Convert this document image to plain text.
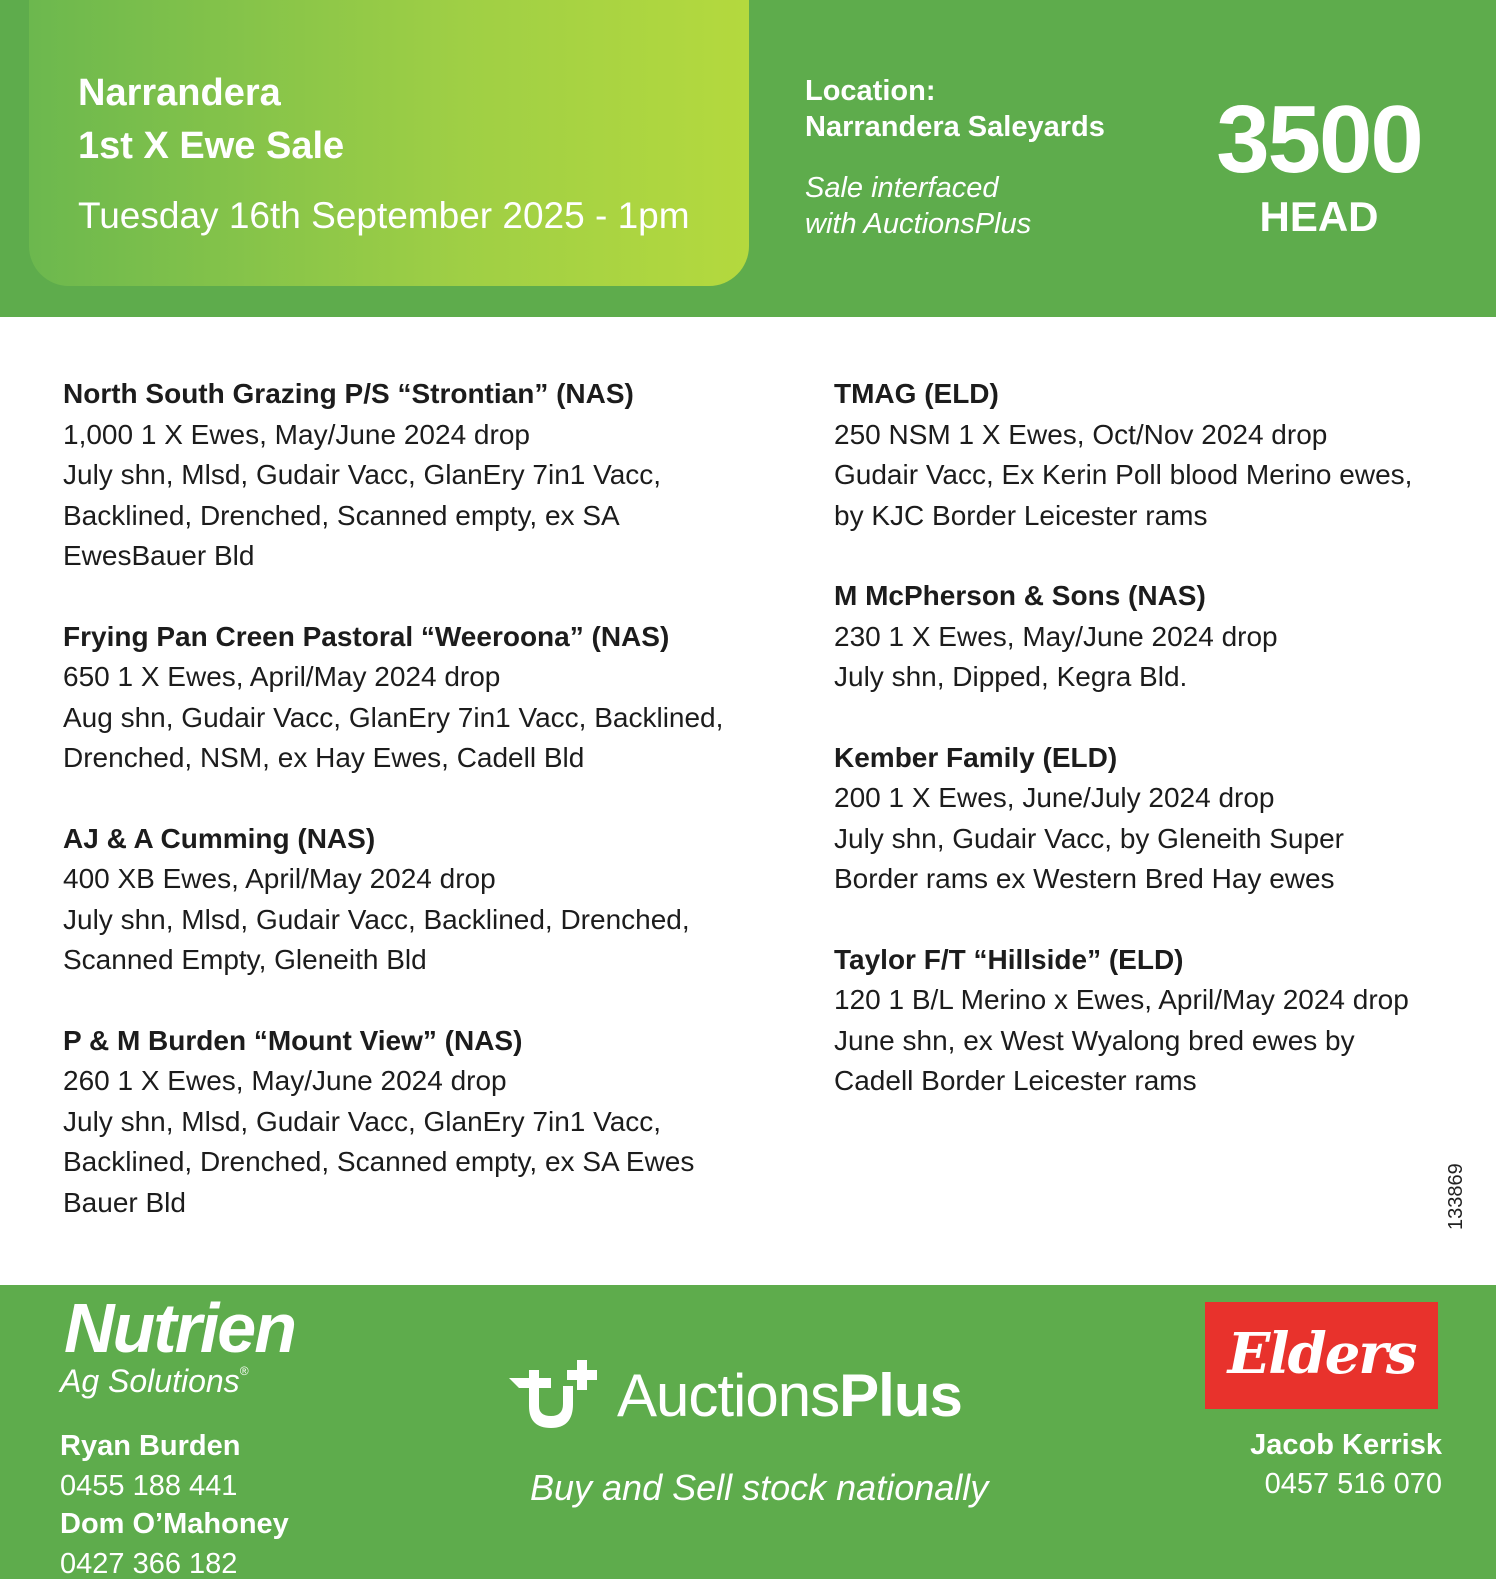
Narrandera
1st X Ewe Sale
Tuesday 16th September 2025 - 1pm
Location:
Narrandera Saleyards
Sale interfaced
with AuctionsPlus
3500
HEAD
North South Grazing P/S “Strontian” (NAS)
1,000 1 X Ewes, May/June 2024 drop
July shn, Mlsd, Gudair Vacc, GlanEry 7in1 Vacc,
Backlined, Drenched, Scanned empty, ex SA
EwesBauer Bld
Frying Pan Creen Pastoral “Weeroona” (NAS)
650 1 X Ewes, April/May 2024 drop
Aug shn, Gudair Vacc, GlanEry 7in1 Vacc, Backlined,
Drenched, NSM, ex Hay Ewes, Cadell Bld
AJ & A Cumming (NAS)
400 XB Ewes, April/May 2024 drop
July shn, Mlsd, Gudair Vacc, Backlined, Drenched,
Scanned Empty, Gleneith Bld
P & M Burden “Mount View” (NAS)
260 1 X Ewes, May/June 2024 drop
July shn, Mlsd, Gudair Vacc, GlanEry 7in1 Vacc,
Backlined, Drenched, Scanned empty, ex SA Ewes
Bauer Bld
TMAG (ELD)
250 NSM 1 X Ewes, Oct/Nov 2024 drop
Gudair Vacc, Ex Kerin Poll blood Merino ewes,
by KJC Border Leicester rams
M McPherson & Sons (NAS)
230 1 X Ewes, May/June 2024 drop
July shn, Dipped, Kegra Bld.
Kember Family (ELD)
200 1 X Ewes, June/July 2024 drop
July shn, Gudair Vacc, by Gleneith Super
Border rams ex Western Bred Hay ewes
Taylor F/T “Hillside” (ELD)
120 1 B/L Merino x Ewes, April/May 2024 drop
June shn, ex West Wyalong bred ewes by
Cadell Border Leicester rams
133869
Nutrien
Ag Solutions®
Ryan Burden
0455 188 441
Dom O’Mahoney
0427 366 182
AuctionsPlus
Buy and Sell stock nationally
Elders
Jacob Kerrisk
0457 516 070
